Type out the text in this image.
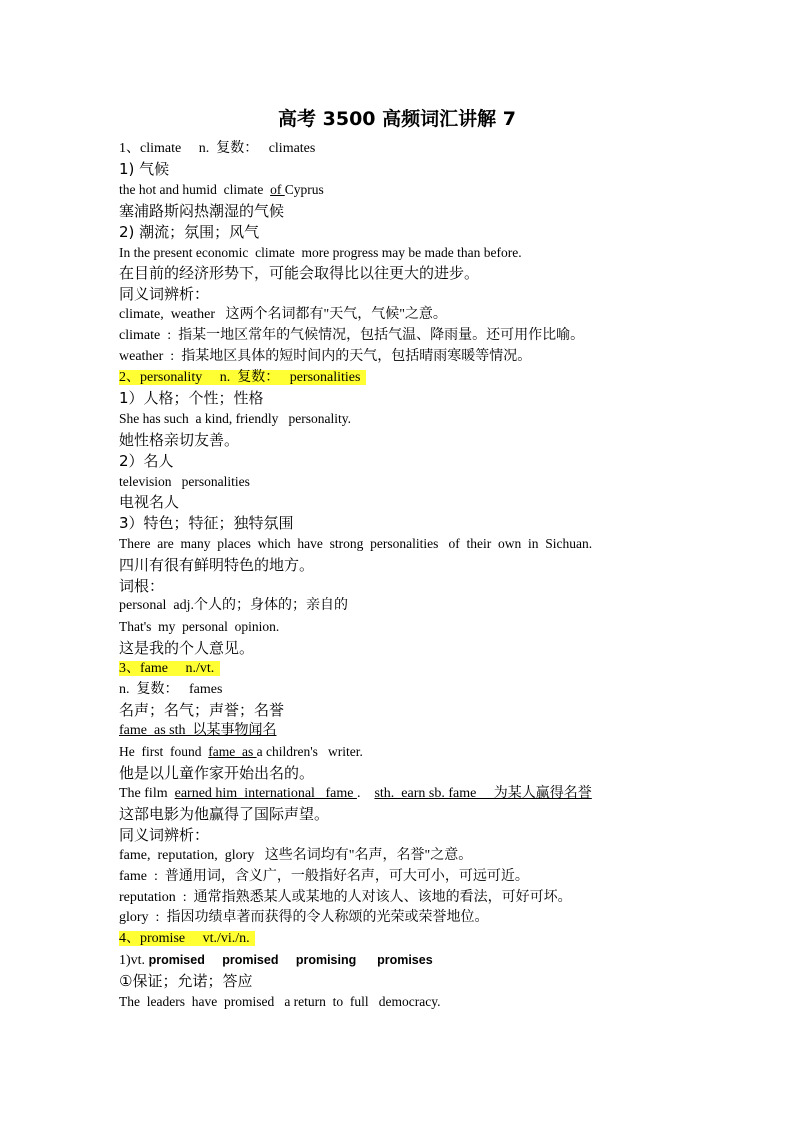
高考 3500 高频词汇讲解 7
1、climate     n.  复数：   climates
1) 气候
the hot and humid  climate  of Cyprus
塞浦路斯闷热潮湿的气候
2) 潮流；氛围；风气
In the present economic  climate  more progress may be made than before.
在目前的经济形势下，可能会取得比以往更大的进步。
同义词辨析：
climate,  weather   这两个名词都有"天气，气候"之意。
climate  :  指某一地区常年的气候情况，包括气温、降雨量。还可用作比喻。
weather  :  指某地区具体的短时间内的天气，包括晴雨寒暖等情况。
2、personality     n.  复数：   personalities
1）人格；个性；性格
She has such  a kind, friendly   personality.
她性格亲切友善。
2）名人
television   personalities
电视名人
3）特色；特征；独特氛围
There  are  many  places  which  have  strong  personalities   of  their  own  in  Sichuan.
四川有很有鲜明特色的地方。
词根：
personal  adj.个人的；身体的；亲自的
That's  my  personal  opinion.
这是我的个人意见。
3、fame     n./vt.
n.  复数：   fames
名声；名气；声誉；名誉
fame  as sth  以某事物闻名
He  first  found  fame  as a children's   writer.
他是以儿童作家开始出名的。
The film  earned him  international   fame .    sth.  earn sb. fame     为某人赢得名誉
这部电影为他赢得了国际声望。
同义词辨析：
fame,  reputation,  glory   这些名词均有"名声，名誉"之意。
fame  :  普通用词，含义广，一般指好名声，可大可小，可远可近。
reputation  :  通常指熟悉某人或某地的人对该人、该地的看法，可好可坏。
glory  :  指因功绩卓著而获得的令人称颂的光荣或荣誉地位。
4、promise     vt./vi./n.
1)vt. promised     promised     promising      promises
①保证；允诺；答应
The  leaders  have  promised   a return  to  full   democracy.
